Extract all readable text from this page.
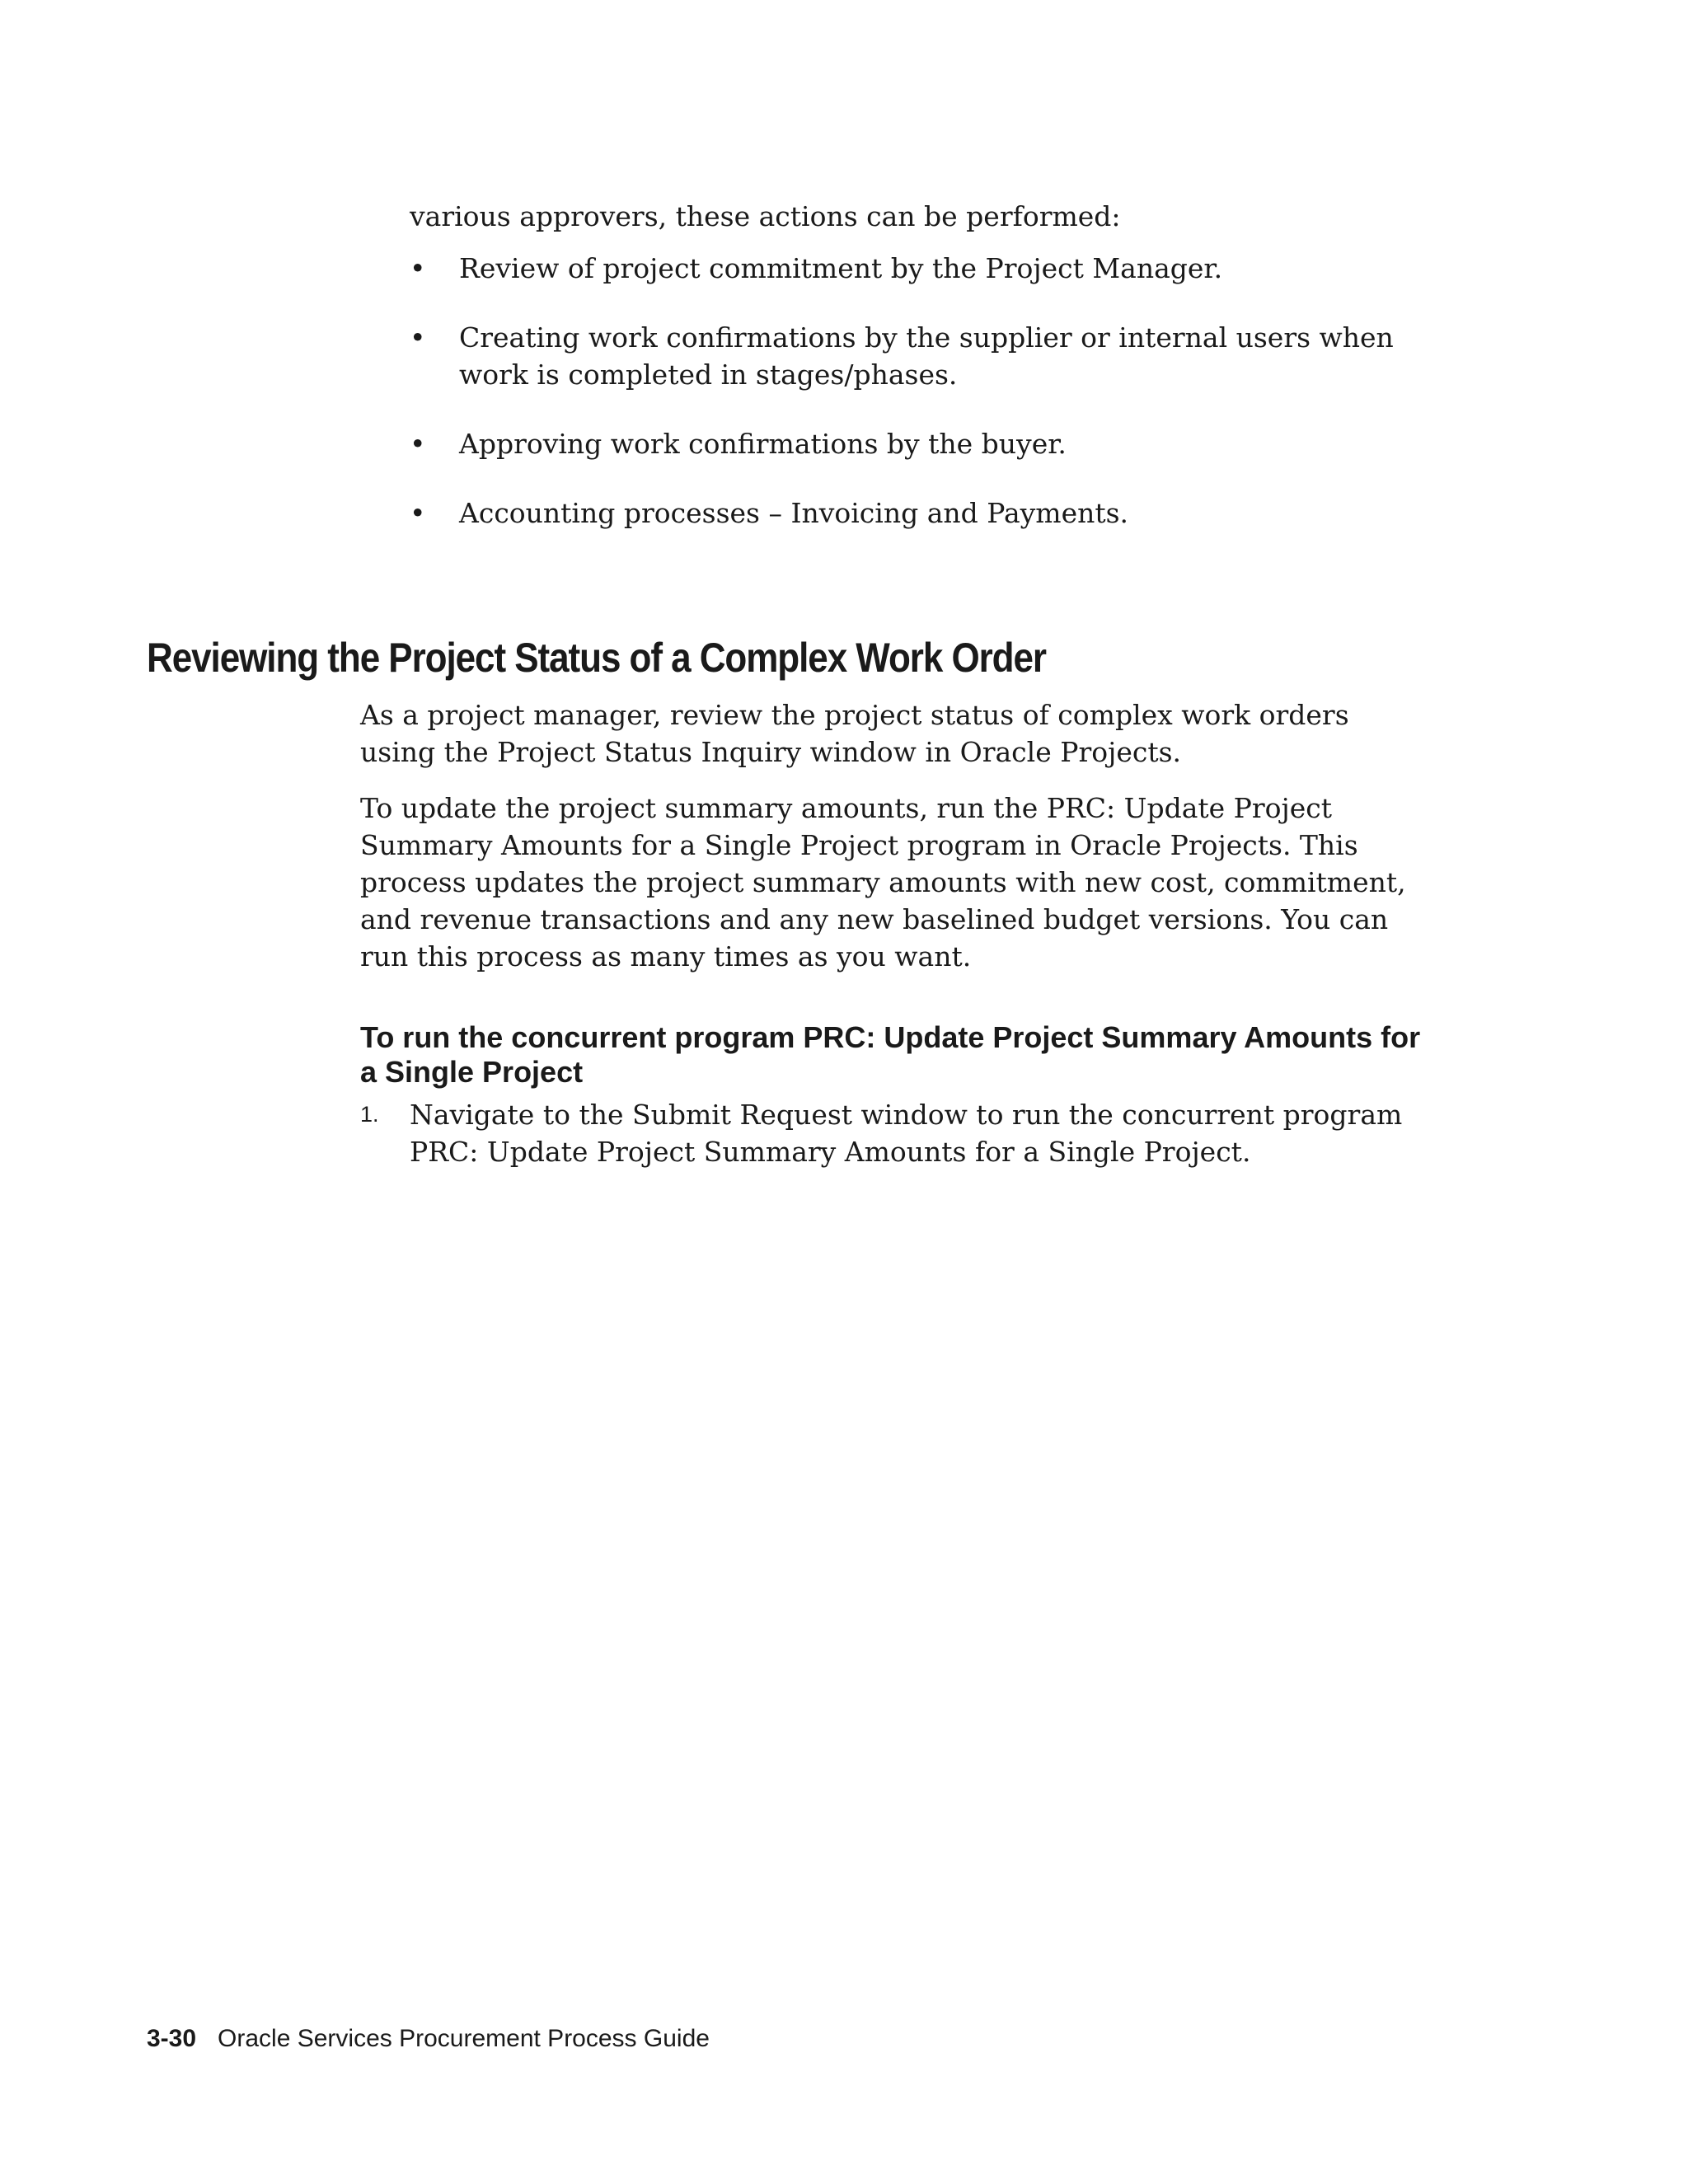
various approvers, these actions can be performed:

• Review of project commitment by the Project Manager.
• Creating work confirmations by the supplier or internal users when work is completed in stages/phases.
• Approving work confirmations by the buyer.
• Accounting processes – Invoicing and Payments.
Reviewing the Project Status of a Complex Work Order

As a project manager, review the project status of complex work orders using the Project Status Inquiry window in Oracle Projects.

To update the project summary amounts, run the PRC: Update Project Summary Amounts for a Single Project program in Oracle Projects. This process updates the project summary amounts with new cost, commitment, and revenue transactions and any new baselined budget versions. You can run this process as many times as you want.

To run the concurrent program PRC: Update Project Summary Amounts for a Single Project
1. Navigate to the Submit Request window to run the concurrent program PRC: Update Project Summary Amounts for a Single Project.
3-30 Oracle Services Procurement Process Guide
